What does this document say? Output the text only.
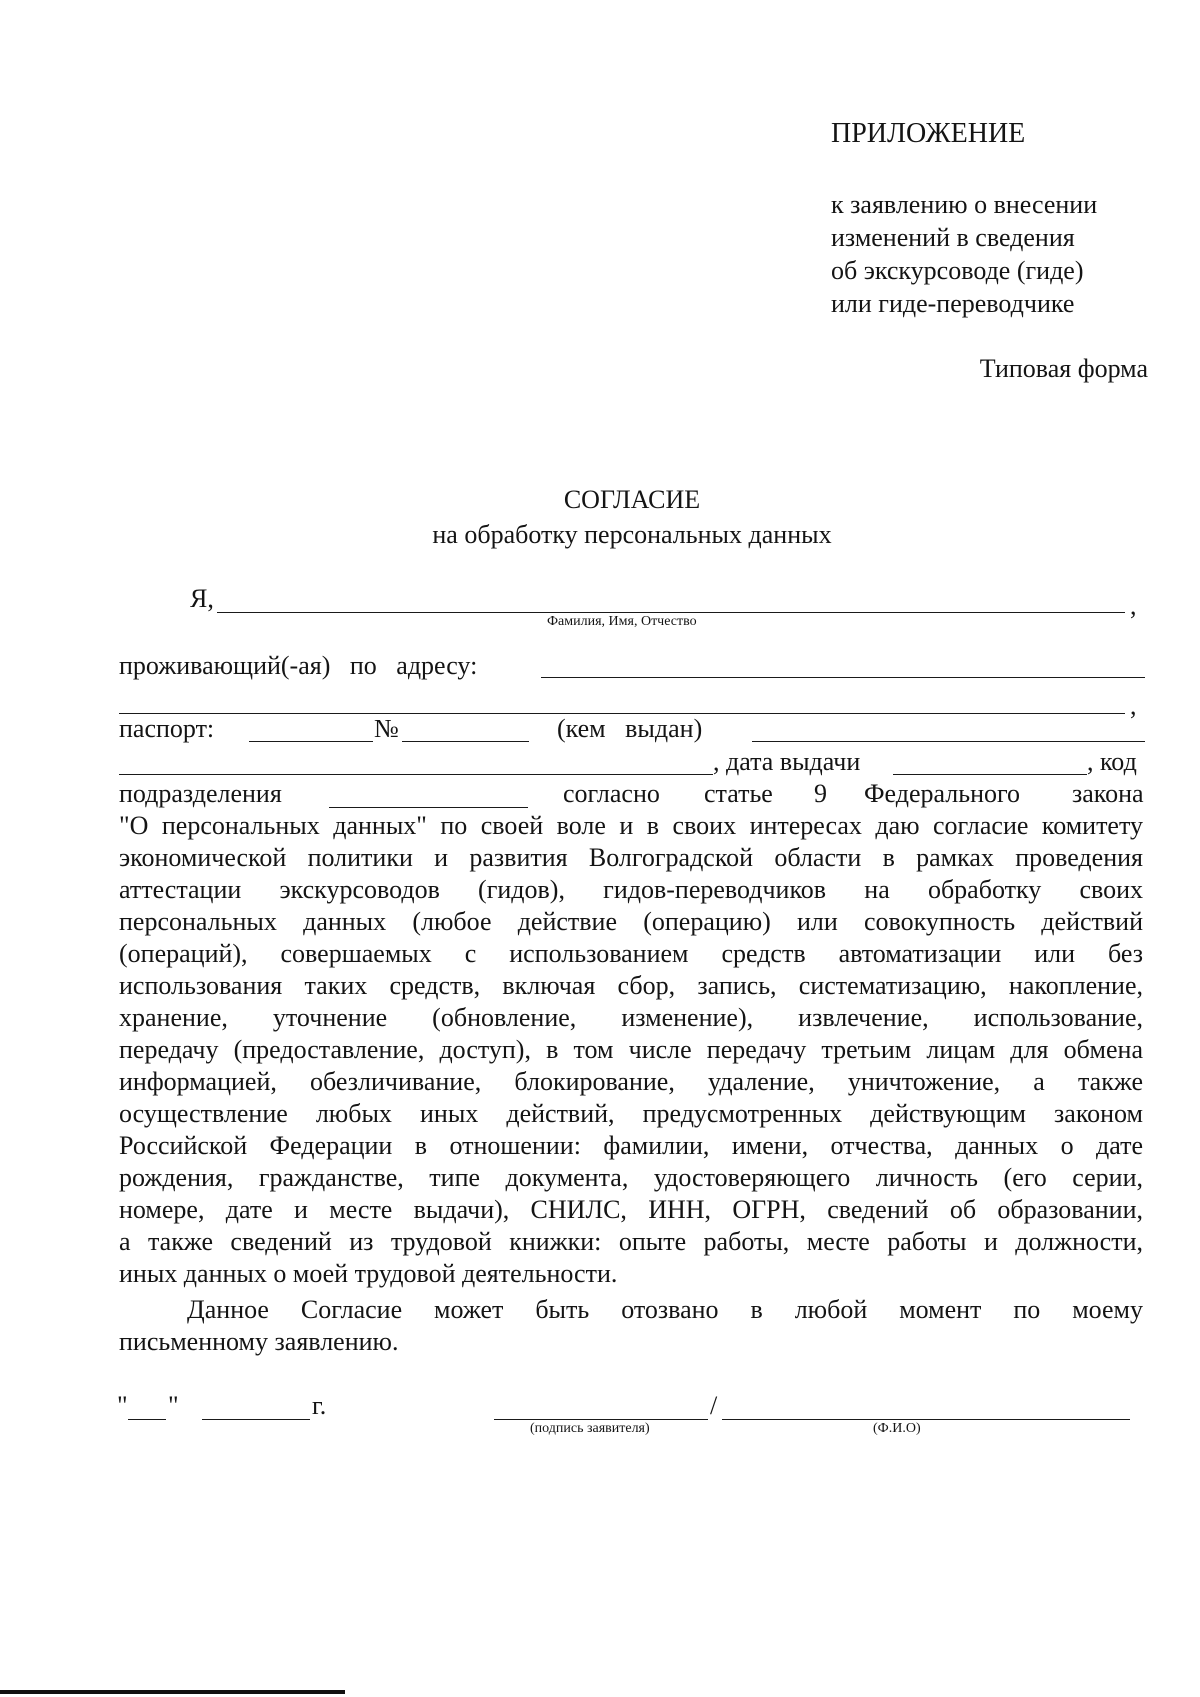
ПРИЛОЖЕНИЕ
к заявлению о внесении
изменений в сведения
об экскурсоводе (гиде)
или гиде-переводчике
Типовая форма
СОГЛАСИЕ
на обработку персональных данных
Я,	,
Фамилия, Имя, Отчество
проживающий(-ая)   по   адресу:
,
паспорт:	№	(кем   выдан)
, дата выдачи	, код
подразделения	согласно статье 9 Федерального закона
"О персональных данных" по своей воле и в своих интересах даю согласие комитету
экономической политики и развития Волгоградской области в рамках проведения
аттестации экскурсоводов (гидов), гидов-переводчиков на обработку своих
персональных данных (любое действие (операцию) или совокупность действий
(операций), совершаемых с использованием средств автоматизации или без
использования таких средств, включая сбор, запись, систематизацию, накопление,
хранение, уточнение (обновление, изменение), извлечение, использование,
передачу (предоставление, доступ), в том числе передачу третьим лицам для обмена
информацией, обезличивание, блокирование, удаление, уничтожение, а также
осуществление любых иных действий, предусмотренных действующим законом
Российской Федерации в отношении: фамилии, имени, отчества, данных о дате
рождения, гражданстве, типе документа, удостоверяющего личность (его серии,
номере, дате и месте выдачи), СНИЛС, ИНН, ОГРН, сведений об образовании,
а также сведений из трудовой книжки: опыте работы, месте работы и должности,
иных данных о моей трудовой деятельности.
Данное Согласие может быть отозвано в любой момент по моему
письменному заявлению.
" "	г.	/
(подпись заявителя)	(Ф.И.О)
